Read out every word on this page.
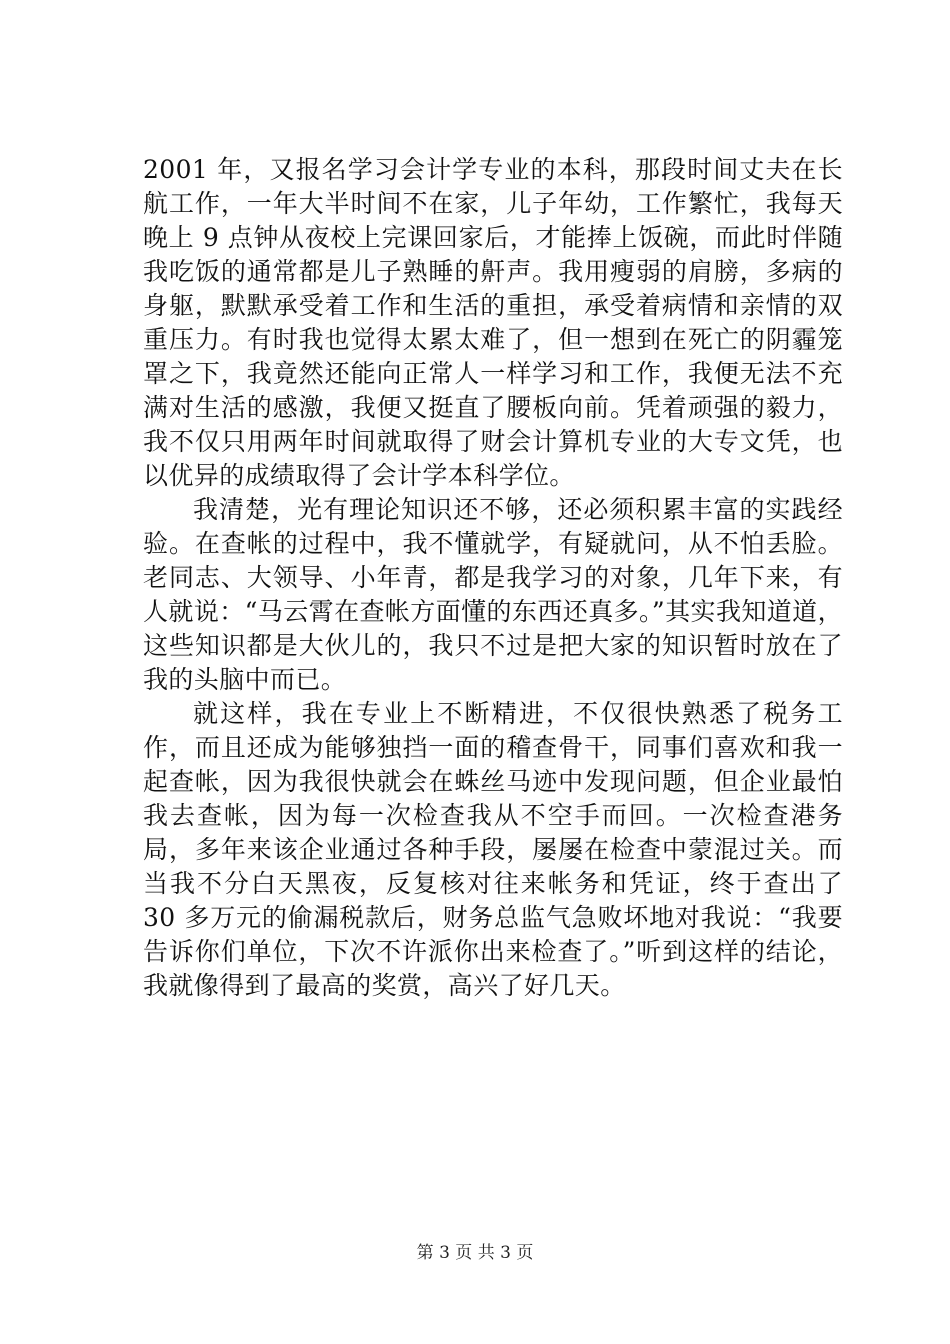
2001 年，又报名学习会计学专业的本科，那段时间丈夫在长航工作，一年大半时间不在家，儿子年幼，工作繁忙，我每天晚上 9 点钟从夜校上完课回家后，才能捧上饭碗，而此时伴随我吃饭的通常都是儿子熟睡的鼾声。我用瘦弱的肩膀，多病的身躯，默默承受着工作和生活的重担，承受着病情和亲情的双重压力。有时我也觉得太累太难了，但一想到在死亡的阴霾笼罩之下，我竟然还能向正常人一样学习和工作，我便无法不充满对生活的感激，我便又挺直了腰板向前。凭着顽强的毅力，我不仅只用两年时间就取得了财会计算机专业的大专文凭，也以优异的成绩取得了会计学本科学位。

我清楚，光有理论知识还不够，还必须积累丰富的实践经验。在查帐的过程中，我不懂就学，有疑就问，从不怕丢脸。老同志、大领导、小年青，都是我学习的对象，几年下来，有人就说：“马云霄在查帐方面懂的东西还真多。”其实我知道道，这些知识都是大伙儿的，我只不过是把大家的知识暂时放在了我的头脑中而已。

就这样，我在专业上不断精进，不仅很快熟悉了税务工作，而且还成为能够独挡一面的稽查骨干，同事们喜欢和我一起查帐，因为我很快就会在蛛丝马迹中发现问题，但企业最怕我去查帐，因为每一次检查我从不空手而回。一次检查港务局，多年来该企业通过各种手段，屡屡在检查中蒙混过关。而当我不分白天黑夜，反复核对往来帐务和凭证，终于查出了 30 多万元的偷漏税款后，财务总监气急败坏地对我说：“我要告诉你们单位，下次不许派你出来检查了。”听到这样的结论，我就像得到了最高的奖赏，高兴了好几天。

第 3 页 共 3 页
